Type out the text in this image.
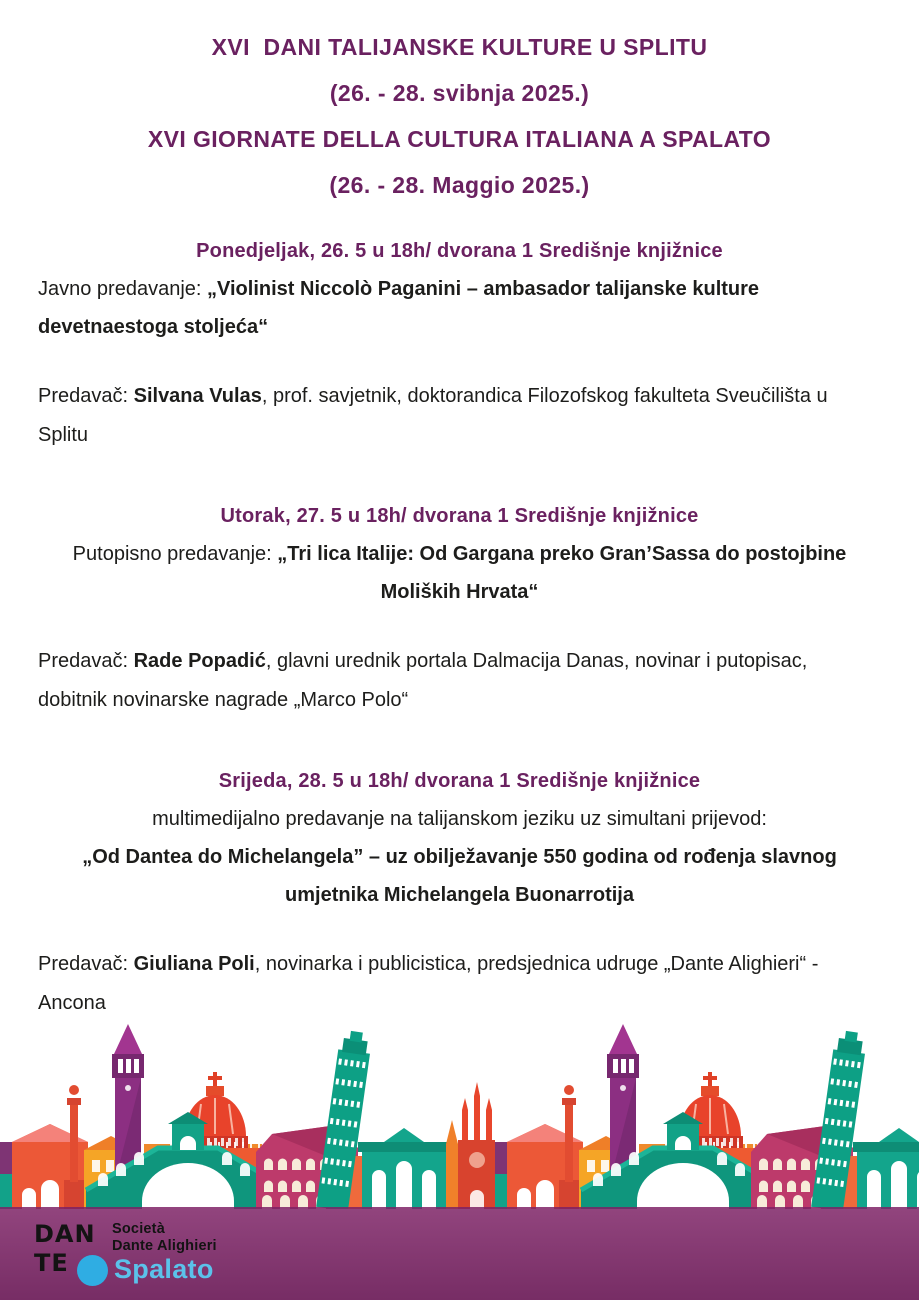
XVI  DANI TALIJANSKE KULTURE U SPLITU
(26. - 28. svibnja 2025.)
XVI GIORNATE DELLA CULTURA ITALIANA A SPALATO
(26. - 28. Maggio 2025.)
Ponedjeljak, 26. 5 u 18h/ dvorana 1 Središnje knjižnice

Javno predavanje: „Violinist Niccolò Paganini – ambasador talijanske kulture devetnaestoga stoljeća“

Predavač: Silvana Vulas, prof. savjetnik, doktorandica Filozofskog fakulteta Sveučilišta u Splitu

Utorak, 27. 5 u 18h/ dvorana 1 Središnje knjižnice

Putopisno predavanje: „Tri lica Italije: Od Gargana preko Gran’Sassa do postojbine Moliških Hrvata“

Predavač: Rade Popadić, glavni urednik portala Dalmacija Danas, novinar i putopisac, dobitnik novinarske nagrade „Marco Polo“

Srijeda, 28. 5 u 18h/ dvorana 1 Središnje knjižnice

multimedijalno predavanje na talijanskom jeziku uz simultani prijevod:

„Od Dantea do Michelangela” – uz obilježavanje 550 godina od rođenja slavnog umjetnika Michelangela Buonarrotija

Predavač: Giuliana Poli, novinarka i publicistica, predsjednica udruge „Dante Alighieri“ - Ancona

DAN
TE
Società
Dante Alighieri
Spalato
